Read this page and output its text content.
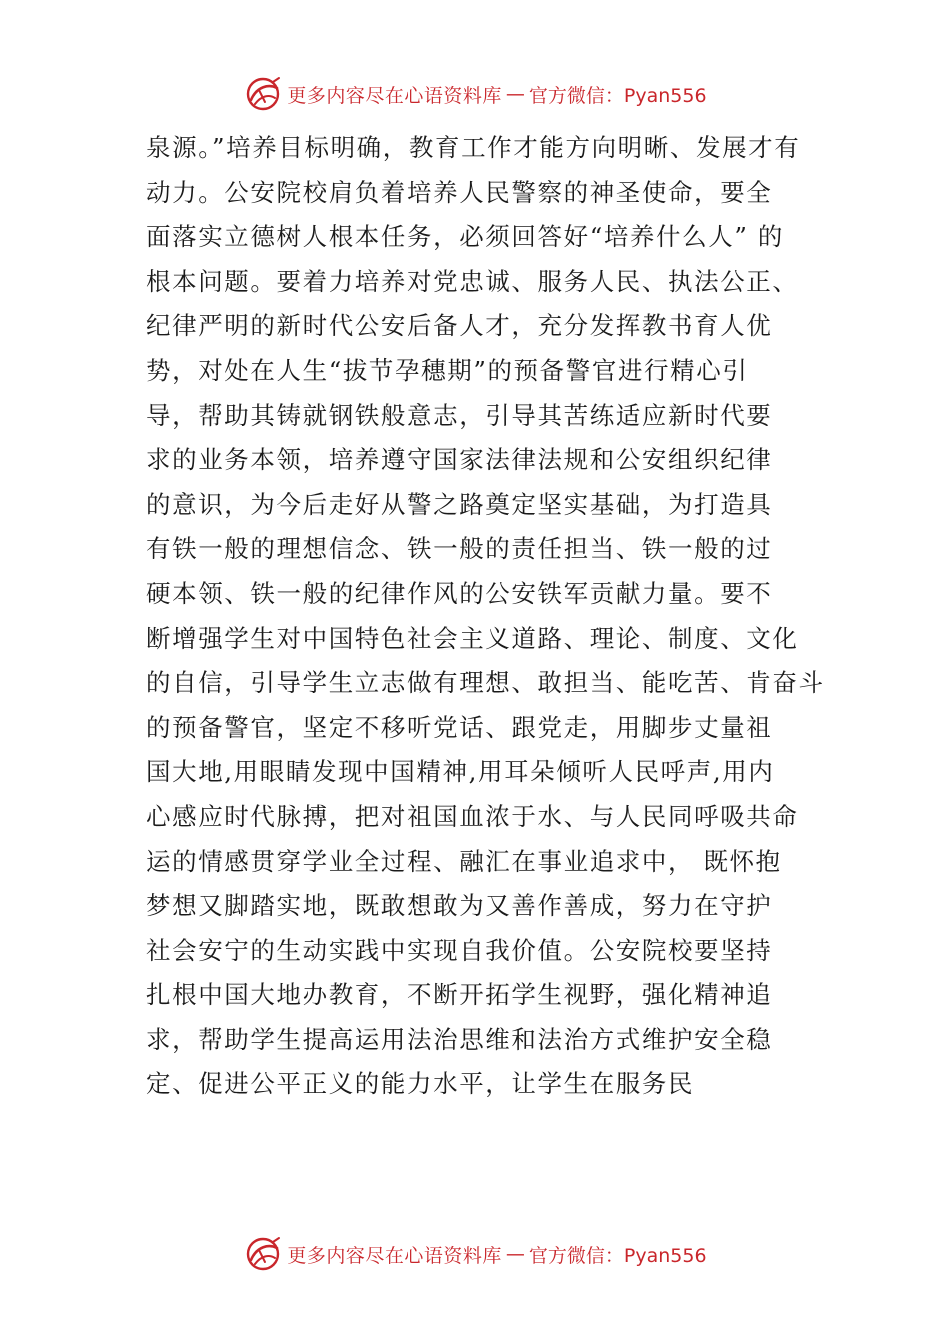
更多内容尽在心语资料库 — 官方微信：Pyan556
泉源。”培养目标明确，教育工作才能方向明晰、发展才有
动力。公安院校肩负着培养人民警察的神圣使命，要全
面落实立德树人根本任务，必须回答好“培养什么人” 的
根本问题。要着力培养对党忠诚、服务人民、执法公正、
纪律严明的新时代公安后备人才，充分发挥教书育人优
势，对处在人生“拔节孕穗期”的预备警官进行精心引
导，帮助其铸就钢铁般意志，引导其苦练适应新时代要
求的业务本领，培养遵守国家法律法规和公安组织纪律
的意识，为今后走好从警之路奠定坚实基础，为打造具
有铁一般的理想信念、铁一般的责任担当、铁一般的过
硬本领、铁一般的纪律作风的公安铁军贡献力量。要不
断增强学生对中国特色社会主义道路、理论、制度、文化
的自信，引导学生立志做有理想、敢担当、能吃苦、肯奋斗
的预备警官，坚定不移听党话、跟党走，用脚步丈量祖
国大地,用眼睛发现中国精神,用耳朵倾听人民呼声,用内
心感应时代脉搏，把对祖国血浓于水、与人民同呼吸共命
运的情感贯穿学业全过程、融汇在事业追求中， 既怀抱
梦想又脚踏实地，既敢想敢为又善作善成，努力在守护
社会安宁的生动实践中实现自我价值。公安院校要坚持
扎根中国大地办教育，不断开拓学生视野，强化精神追
求，帮助学生提高运用法治思维和法治方式维护安全稳
定、促进公平正义的能力水平，让学生在服务民
更多内容尽在心语资料库 — 官方微信：Pyan556
